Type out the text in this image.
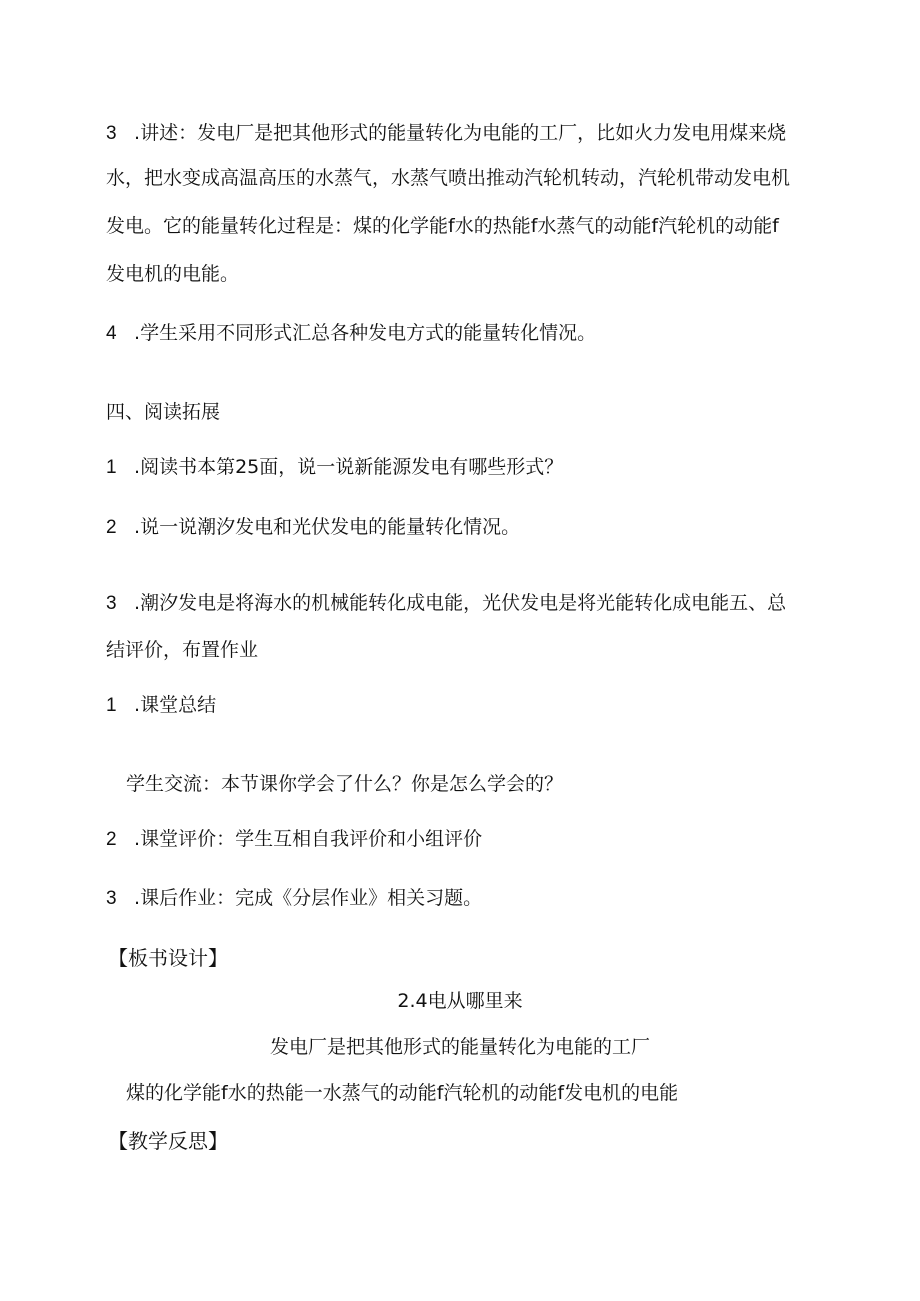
3 .讲述：发电厂是把其他形式的能量转化为电能的工厂，比如火力发电用煤来烧
水，把水变成高温高压的水蒸气，水蒸气喷出推动汽轮机转动，汽轮机带动发电机
发电。它的能量转化过程是：煤的化学能f水的热能f水蒸气的动能f汽轮机的动能f
发电机的电能。
4 .学生采用不同形式汇总各种发电方式的能量转化情况。
四、阅读拓展
1 .阅读书本第25面，说一说新能源发电有哪些形式？
2 .说一说潮汐发电和光伏发电的能量转化情况。
3 .潮汐发电是将海水的机械能转化成电能，光伏发电是将光能转化成电能五、总
结评价，布置作业
1 .课堂总结
学生交流：本节课你学会了什么？你是怎么学会的？
2 .课堂评价：学生互相自我评价和小组评价
3 .课后作业：完成《分层作业》相关习题。
【板书设计】
2.4电从哪里来
发电厂是把其他形式的能量转化为电能的工厂
煤的化学能f水的热能一水蒸气的动能f汽轮机的动能f发电机的电能
【教学反思】
